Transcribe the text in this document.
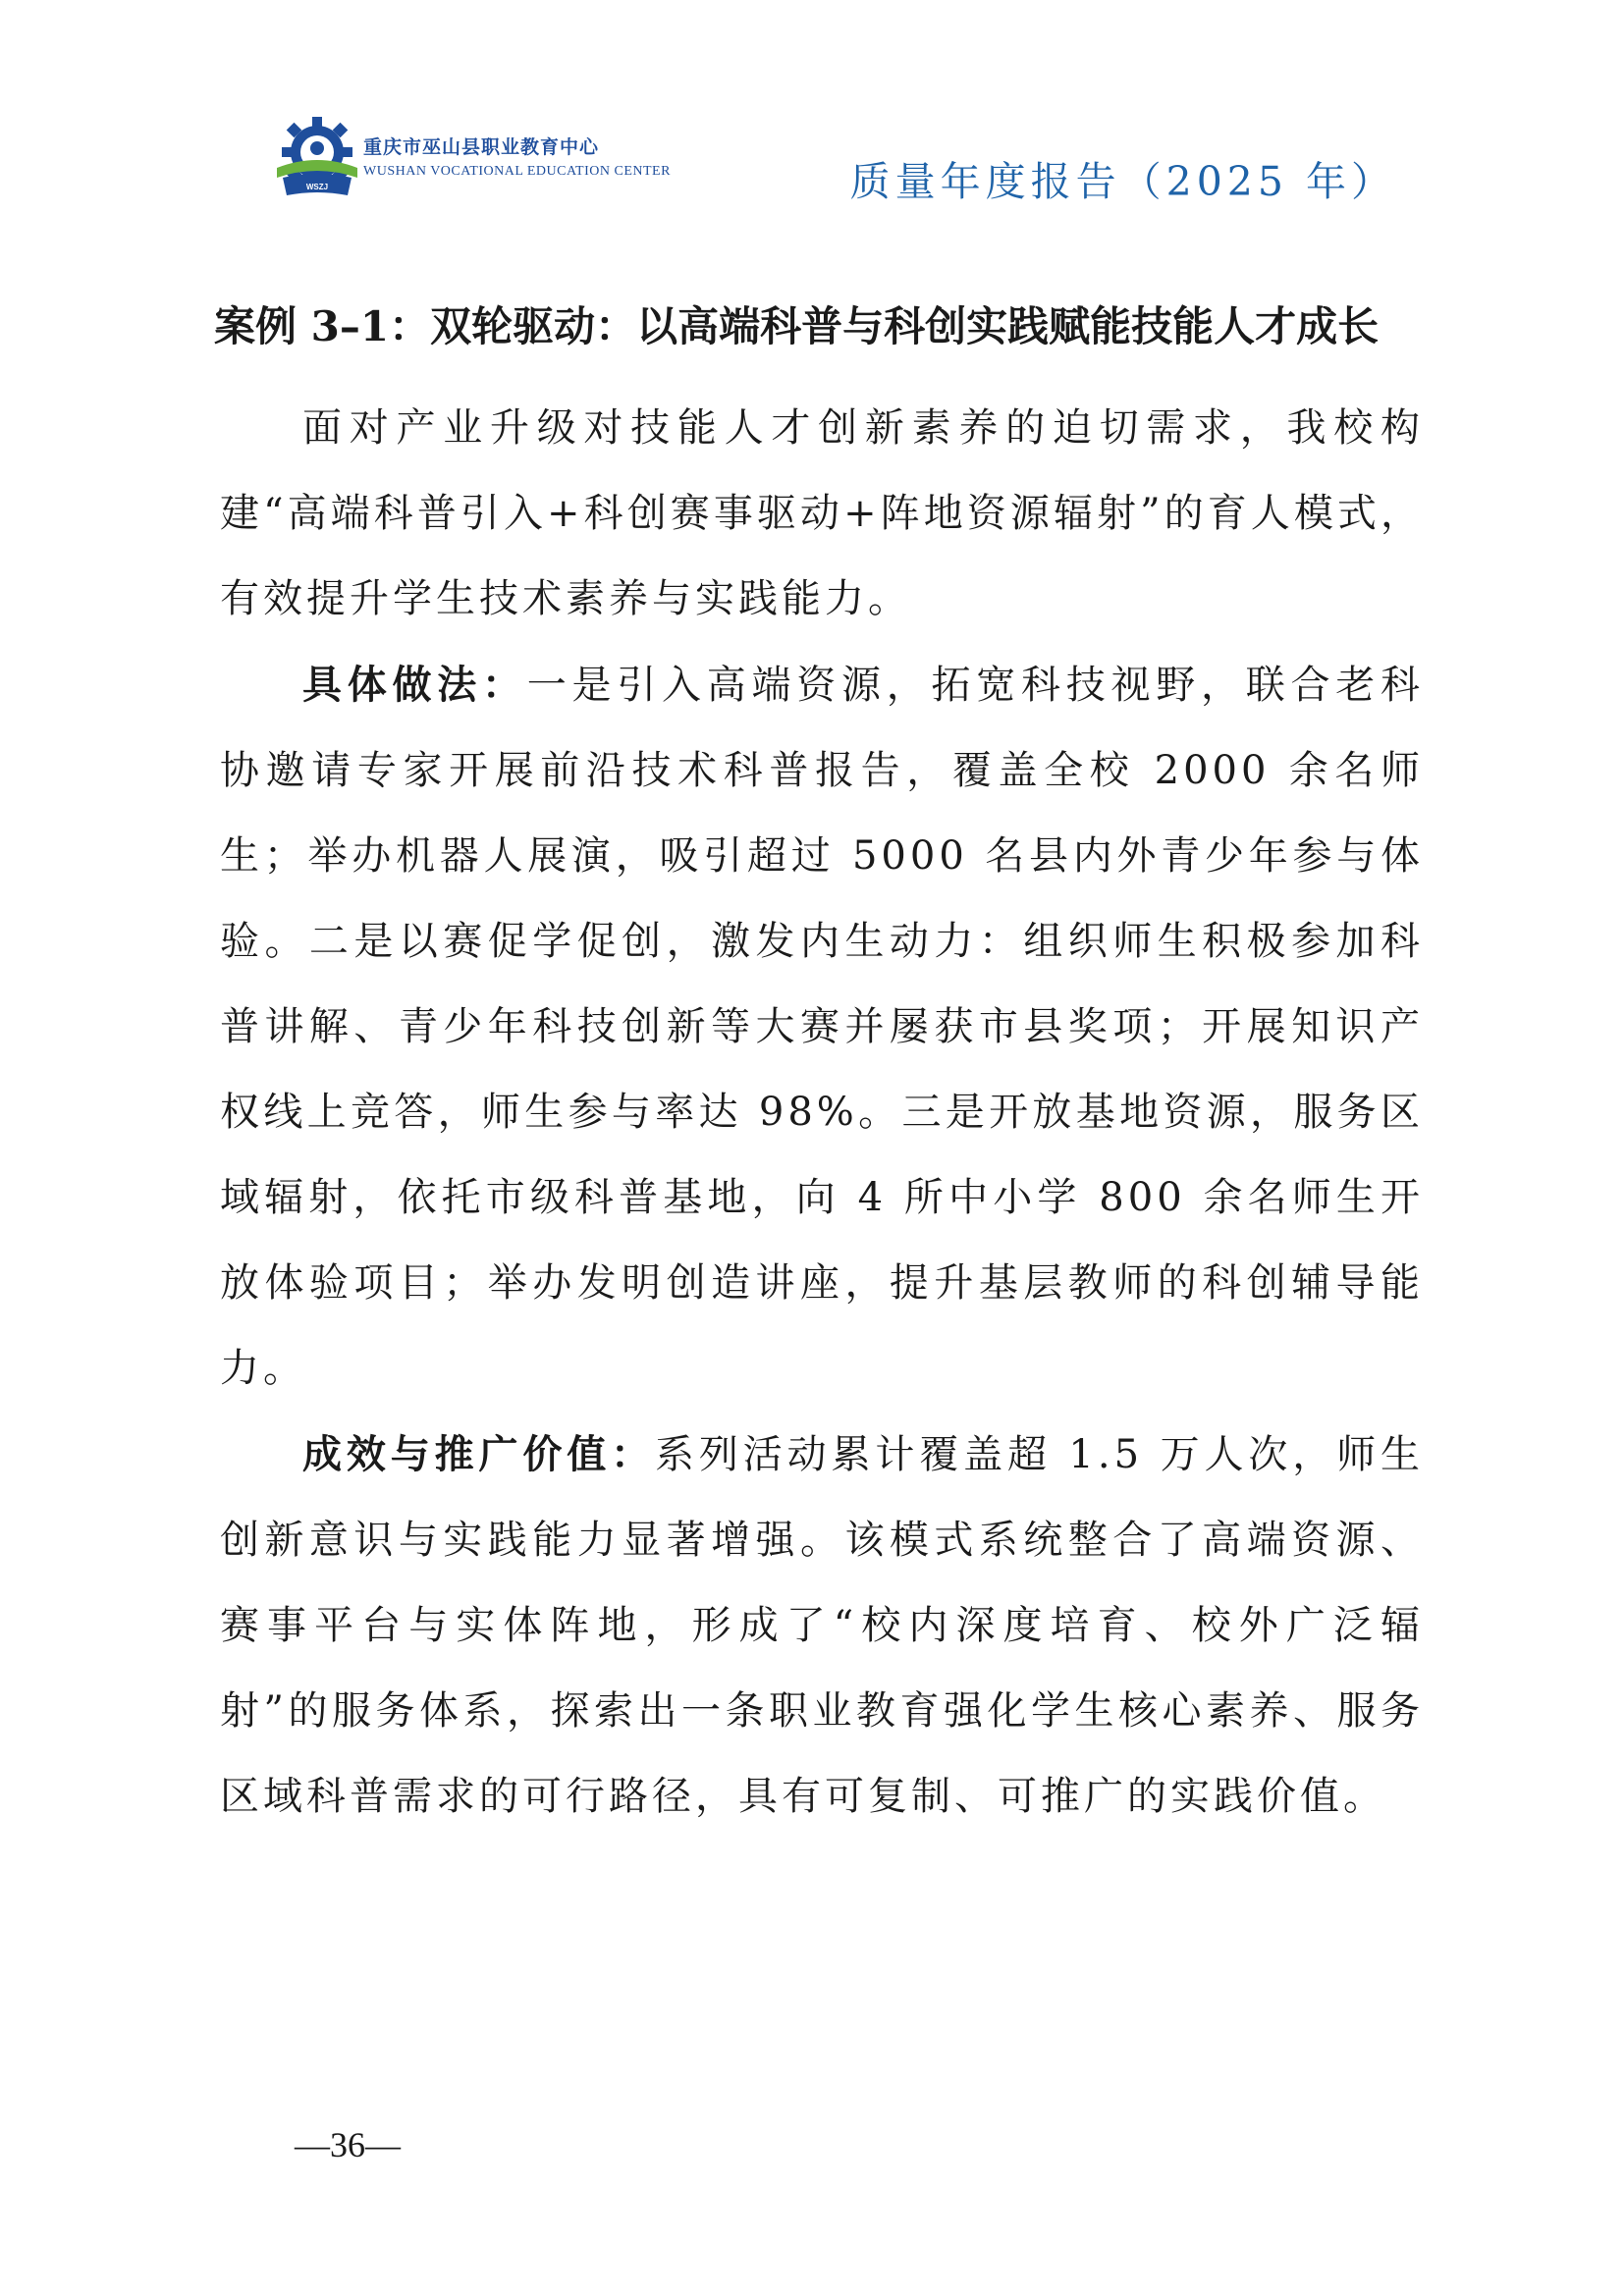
WSZJ
重庆市巫山县职业教育中心
WUSHAN VOCATIONAL EDUCATION CENTER	质量年度报告（2025 年）
案例 3–1：双轮驱动：以高端科普与科创实践赋能技能人才成长

面对产业升级对技能人才创新素养的迫切需求，我校构建“高端科普引入+科创赛事驱动+阵地资源辐射”的育人模式，有效提升学生技术素养与实践能力。

具体做法：一是引入高端资源，拓宽科技视野，联合老科协邀请专家开展前沿技术科普报告，覆盖全校 2000 余名师生；举办机器人展演，吸引超过 5000 名县内外青少年参与体验。二是以赛促学促创，激发内生动力：组织师生积极参加科普讲解、青少年科技创新等大赛并屡获市县奖项；开展知识产权线上竞答，师生参与率达 98%。三是开放基地资源，服务区域辐射，依托市级科普基地，向 4 所中小学 800 余名师生开放体验项目；举办发明创造讲座，提升基层教师的科创辅导能力。

成效与推广价值：系列活动累计覆盖超 1.5 万人次，师生创新意识与实践能力显著增强。该模式系统整合了高端资源、赛事平台与实体阵地，形成了“校内深度培育、校外广泛辐射”的服务体系，探索出一条职业教育强化学生核心素养、服务区域科普需求的可行路径，具有可复制、可推广的实践价值。

—36—
